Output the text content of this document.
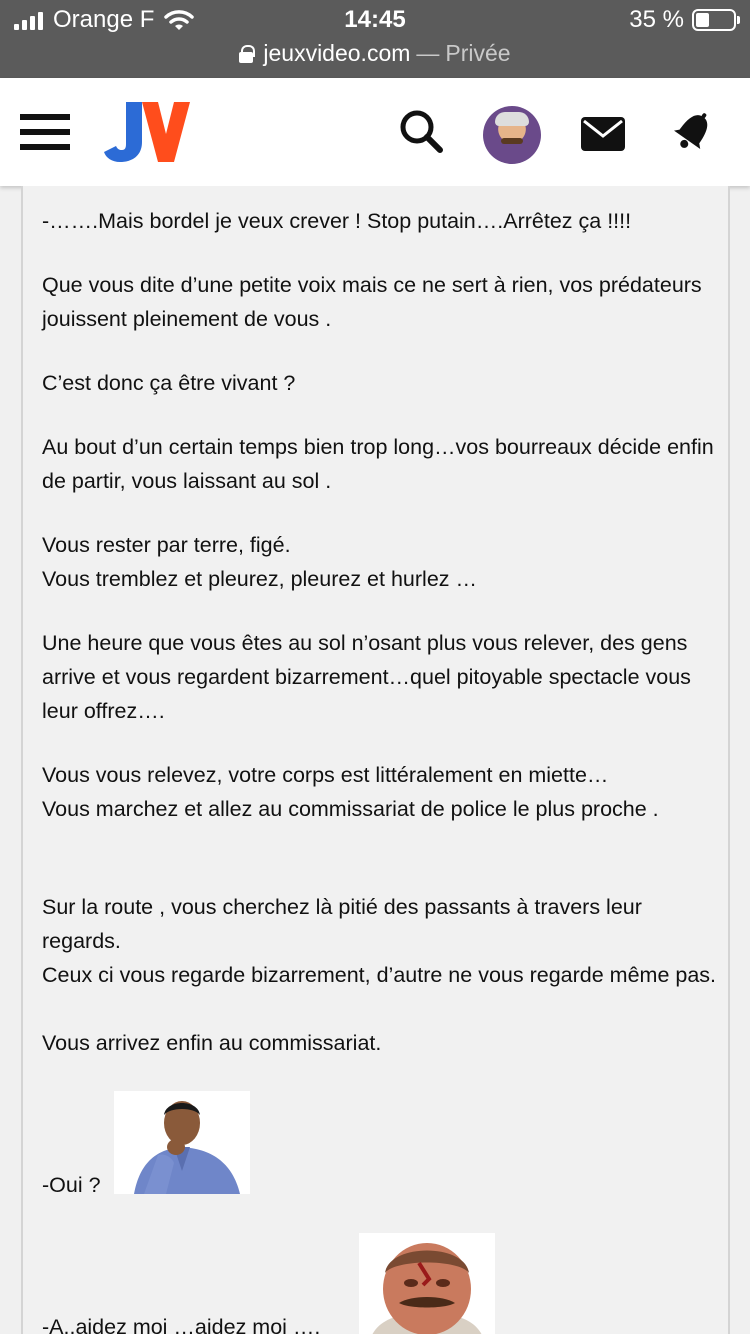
Orange F	14:45	35 %
jeuxvideo.com — Privée

-…….Mais bordel je veux crever ! Stop putain….Arrêtez ça !!!!

Que vous dite d’une petite voix mais ce ne sert à rien, vos prédateurs jouissent pleinement de vous .

C’est donc ça être vivant ?

Au bout d’un certain temps bien trop long…vos bourreaux décide enfin de partir, vous laissant au sol .

Vous rester par terre, figé.

Vous tremblez et pleurez, pleurez et hurlez …

Une heure que vous êtes au sol n’osant plus vous relever, des gens arrive et vous regardent bizarrement…quel pitoyable spectacle vous leur offrez….

Vous vous relevez, votre corps est littéralement en miette…

Vous marchez et allez au commissariat de police le plus proche .

Sur la route , vous cherchez là pitié des passants à travers leur regards.

Ceux ci vous regarde bizarrement, d’autre ne vous regarde même pas.

Vous arrivez enfin au commissariat.

-Oui ?

-A..aidez moi …aidez moi ….
